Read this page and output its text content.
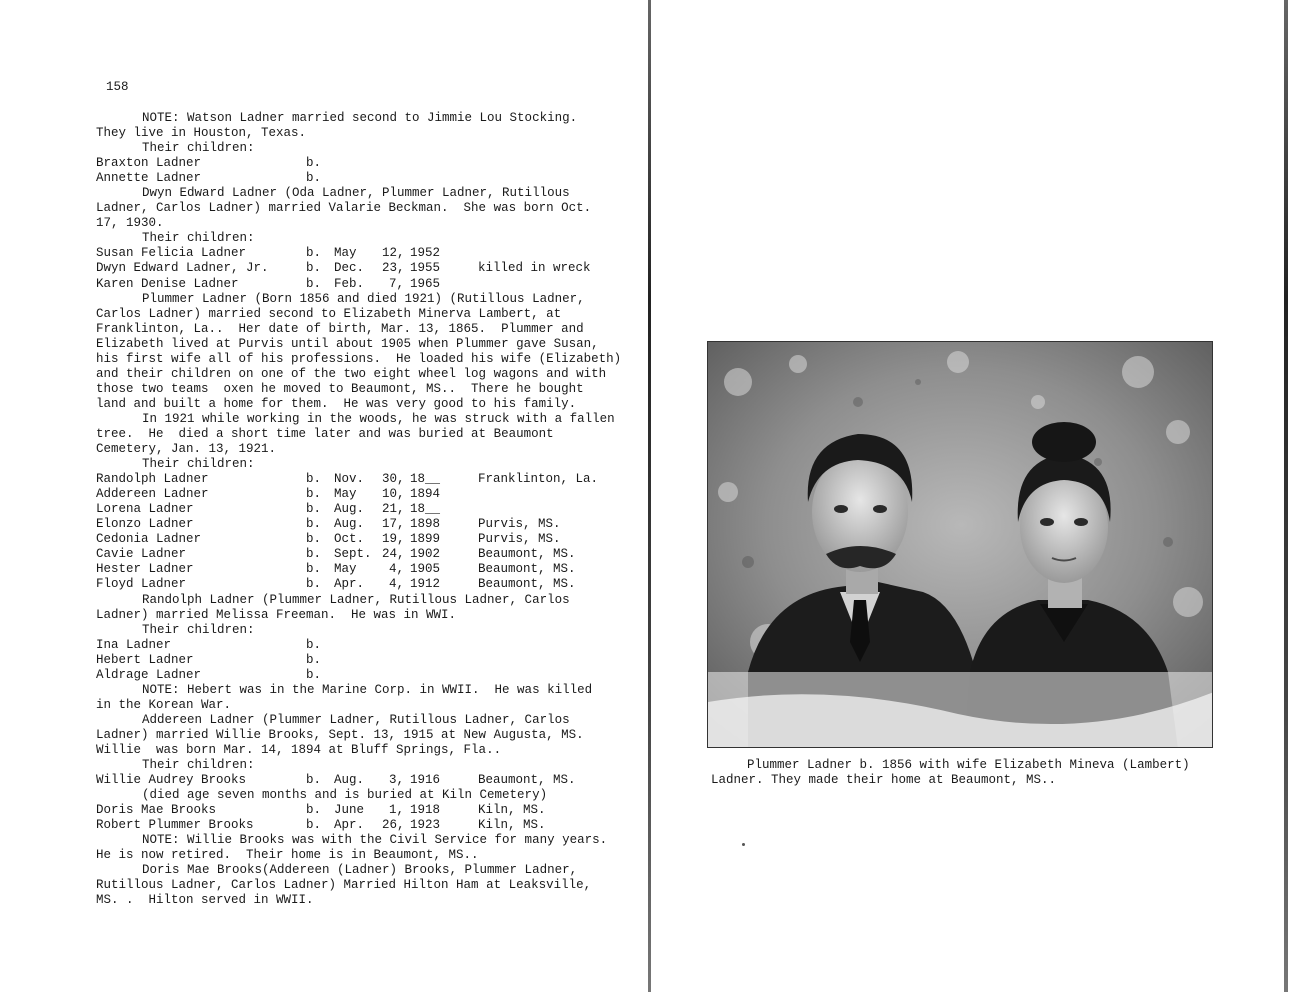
158
NOTE: Watson Ladner married second to Jimmie Lou Stocking.
They live in Houston, Texas.
Their children:
Braxton Ladner	b.
Annette Ladner	b.
Dwyn Edward Ladner (Oda Ladner, Plummer Ladner, Rutillous
Ladner, Carlos Ladner) married Valarie Beckman.  She was born Oct.
17, 1930.
Their children:
Susan Felicia Ladner	b.	May	12, 1952
Dwyn Edward Ladner, Jr.	b.	Dec.	23, 1955	killed in wreck
Karen Denise Ladner	b.	Feb.	7, 1965
Plummer Ladner (Born 1856 and died 1921) (Rutillous Ladner,
Carlos Ladner) married second to Elizabeth Minerva Lambert, at
Franklinton, La..  Her date of birth, Mar. 13, 1865.  Plummer and
Elizabeth lived at Purvis until about 1905 when Plummer gave Susan,
his first wife all of his professions.  He loaded his wife (Elizabeth)
and their children on one of the two eight wheel log wagons and with
those two teams  oxen he moved to Beaumont, MS..  There he bought
land and built a home for them.  He was very good to his family.
In 1921 while working in the woods, he was struck with a fallen
tree.  He  died a short time later and was buried at Beaumont
Cemetery, Jan. 13, 1921.
Their children:
Randolph Ladner	b.	Nov.	30, 18__	Franklinton, La.
Addereen Ladner	b.	May	10, 1894
Lorena Ladner	b.	Aug.	21, 18__
Elonzo Ladner	b.	Aug.	17, 1898	Purvis, MS.
Cedonia Ladner	b.	Oct.	19, 1899	Purvis, MS.
Cavie Ladner	b.	Sept. 24, 1902	Beaumont, MS.
Hester Ladner	b.	May	4, 1905	Beaumont, MS.
Floyd Ladner	b.	Apr.	4, 1912	Beaumont, MS.
Randolph Ladner (Plummer Ladner, Rutillous Ladner, Carlos
Ladner) married Melissa Freeman.  He was in WWI.
Their children:
Ina Ladner	b.
Hebert Ladner	b.
Aldrage Ladner	b.
NOTE: Hebert was in the Marine Corp. in WWII.  He was killed
in the Korean War.
Addereen Ladner (Plummer Ladner, Rutillous Ladner, Carlos
Ladner) married Willie Brooks, Sept. 13, 1915 at New Augusta, MS.
Willie  was born Mar. 14, 1894 at Bluff Springs, Fla..
Their children:
Willie Audrey Brooks	b.	Aug.	3, 1916	Beaumont, MS.
(died age seven months and is buried at Kiln Cemetery)
Doris Mae Brooks	b.	June	1, 1918	Kiln, MS.
Robert Plummer Brooks	b.	Apr.	26, 1923	Kiln, MS.
NOTE: Willie Brooks was with the Civil Service for many years.
He is now retired.  Their home is in Beaumont, MS..
Doris Mae Brooks(Addereen (Ladner) Brooks, Plummer Ladner,
Rutillous Ladner, Carlos Ladner) Married Hilton Ham at Leaksville,
MS. .  Hilton served in WWII.
Plummer Ladner b. 1856 with wife Elizabeth Mineva (Lambert)
Ladner. They made their home at Beaumont, MS..
